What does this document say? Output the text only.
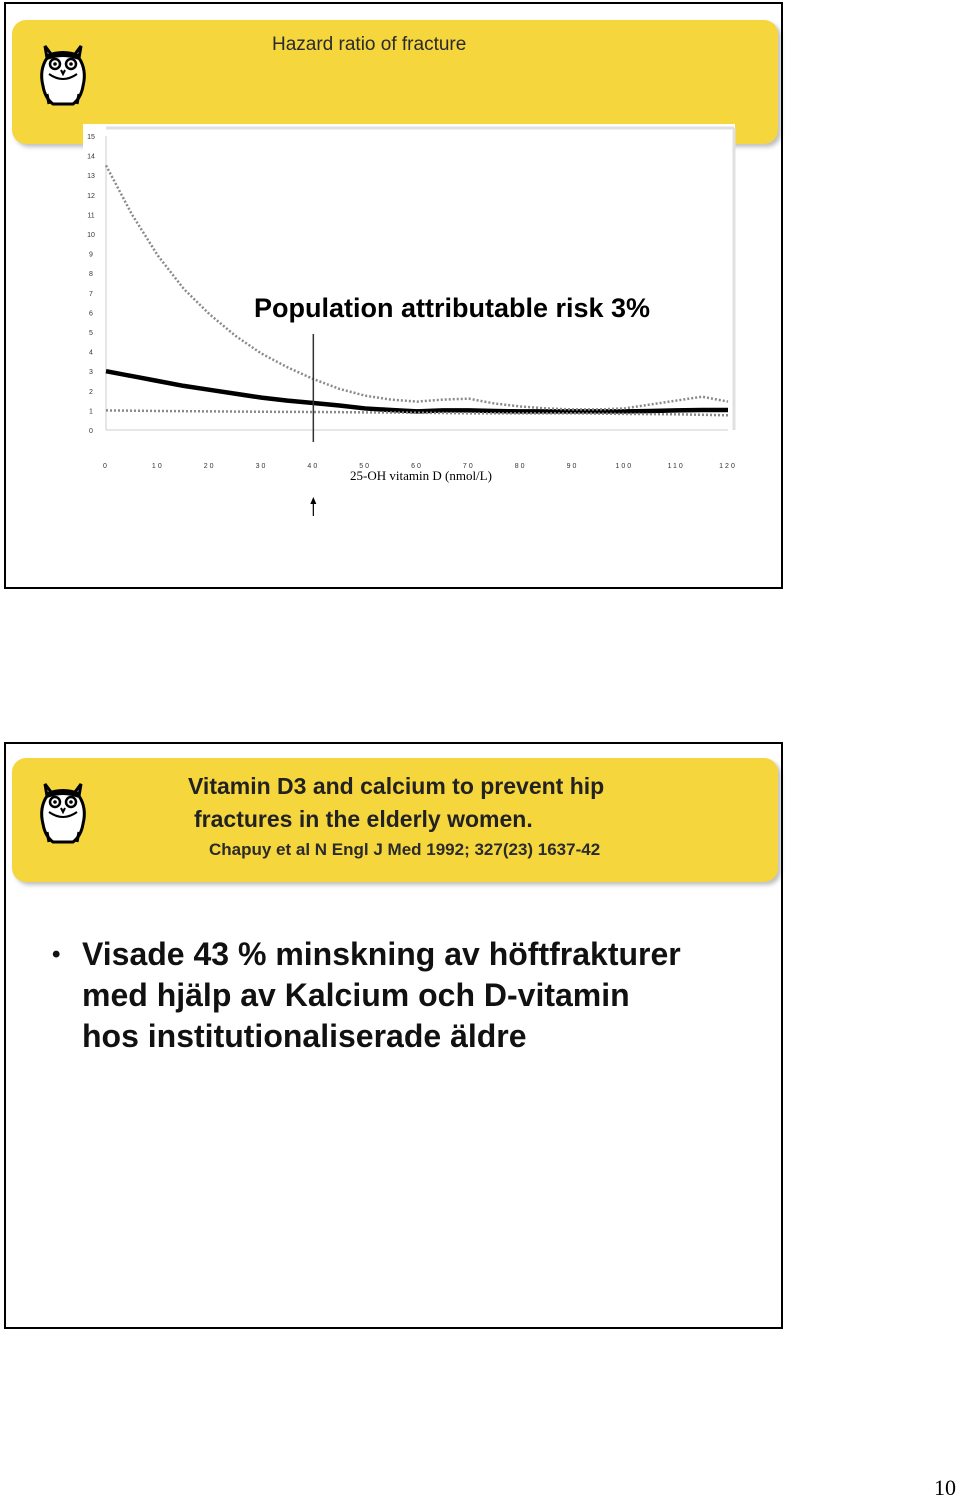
Hazard ratio of fracture
0
1
2
3
4
5
6
7
8
9
10
11
12
13
14
15
0	10	20	30	40	50	60	70	80	90	100	110	120
Population attributable risk 3%
25-OH vitamin D (nmol/L)
Vitamin D3 and calcium to prevent hip
fractures in the elderly women.
Chapuy et al N Engl J Med 1992; 327(23) 1637-42
• Visade 43 % minskning av höftfrakturer
med hjälp av Kalcium och D-vitamin
hos institutionaliserade äldre
10
